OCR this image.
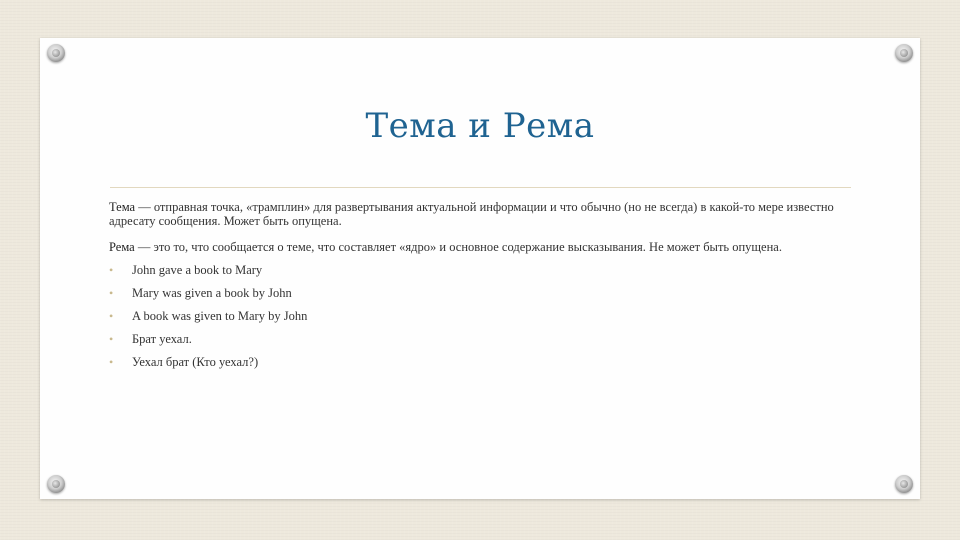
Тема и Рема

Тема — отправная точка, «трамплин» для развертывания актуальной информации и что обычно (но не всегда) в какой-то мере известно адресату сообщения. Может быть опущена.

Рема — это то, что сообщается о теме, что составляет «ядро» и основное содержание высказывания. Не может быть опущена.

• John gave a book to Mary
• Mary was given a book by John
• A book was given to Mary by John
• Брат уехал.
• Уехал брат (Кто уехал?)
